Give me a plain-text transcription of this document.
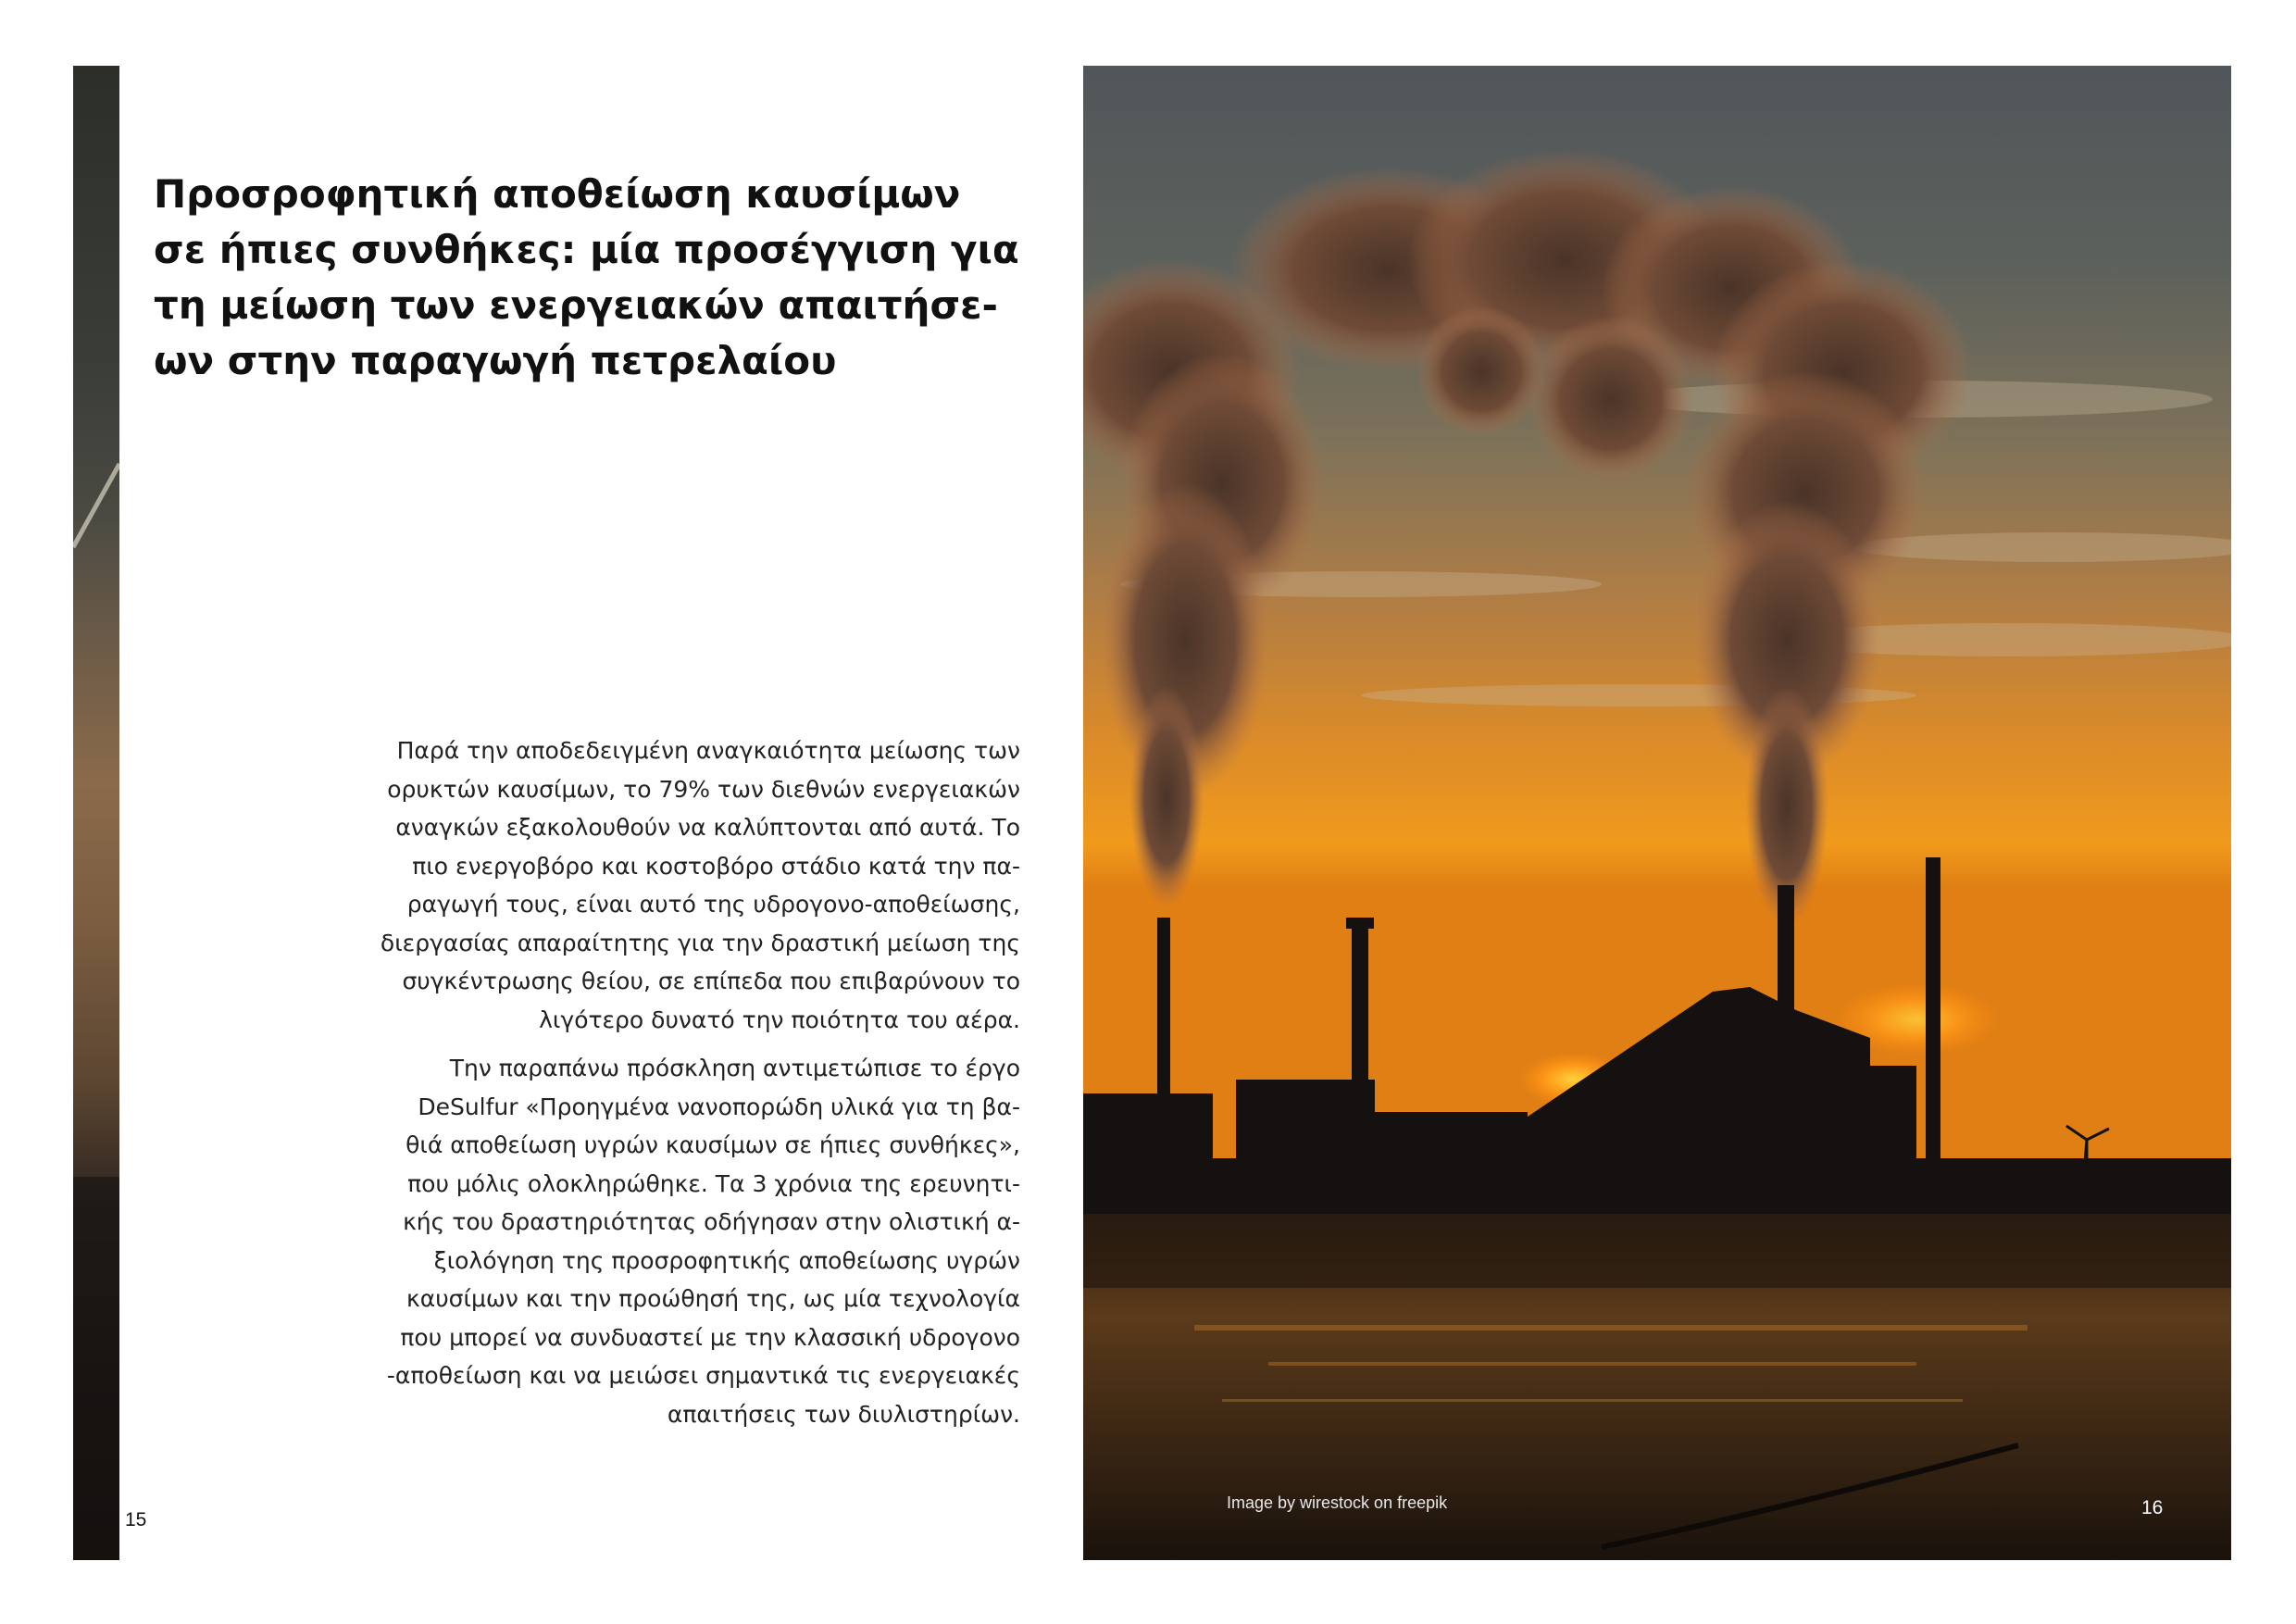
Προσροφητική αποθείωση καυσίμων
σε ήπιες συνθήκες: μία προσέγγιση για
τη μείωση των ενεργειακών απαιτήσε-
ων στην παραγωγή πετρελαίου

Παρά την αποδεδειγμένη αναγκαιότητα μείωσης των
ορυκτών καυσίμων, το 79% των διεθνών ενεργειακών
αναγκών εξακολουθούν να καλύπτονται από αυτά. Το
πιο ενεργοβόρο και κοστοβόρο στάδιο κατά την πα-
ραγωγή τους, είναι αυτό της υδρογονο-αποθείωσης,
διεργασίας απαραίτητης για την δραστική μείωση της
συγκέντρωσης θείου, σε επίπεδα που επιβαρύνουν το
λιγότερο δυνατό την ποιότητα του αέρα.

Την παραπάνω πρόσκληση αντιμετώπισε το έργο
DeSulfur «Προηγμένα νανοπορώδη υλικά για τη βα-
θιά αποθείωση υγρών καυσίμων σε ήπιες συνθήκες»,
που μόλις ολοκληρώθηκε. Τα 3 χρόνια της ερευνητι-
κής του δραστηριότητας οδήγησαν στην ολιστική α-
ξιολόγηση της προσροφητικής αποθείωσης υγρών
καυσίμων και την προώθησή της, ως μία τεχνολογία
που μπορεί να συνδυαστεί με την κλασσική υδρογονο
-αποθείωση και να μειώσει σημαντικά τις ενεργειακές
απαιτήσεις των διυλιστηρίων.

15
Image by wirestock on freepik	16
